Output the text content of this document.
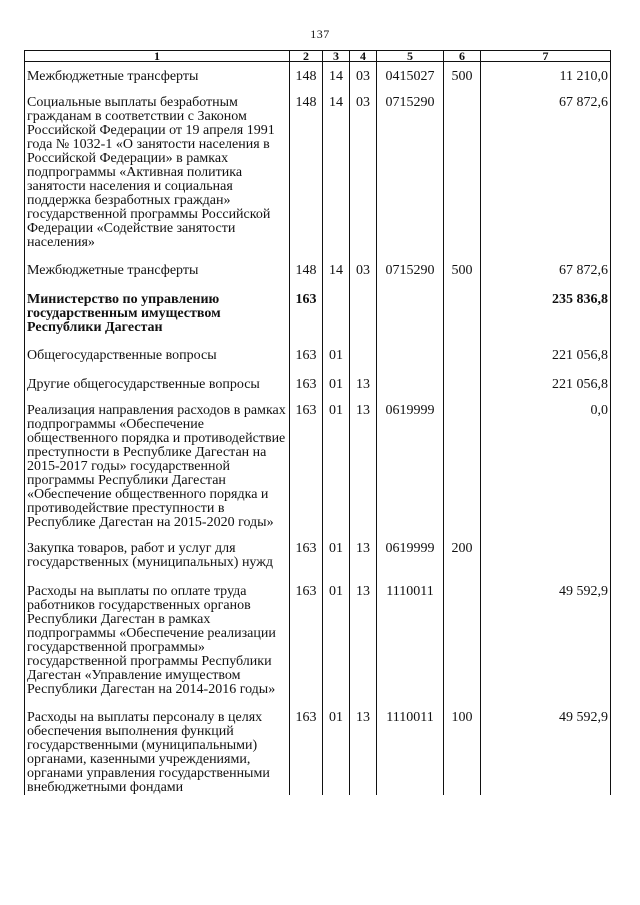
137
1	2	3	4	5	6	7

Межбюджетные трансферты	148	14	03	0415027	500	11 210,0

Социальные выплаты безработным гражданам в соответствии с Законом Российской Федерации от 19 апреля 1991 года № 1032-1 «О занятости населения в Российской Федерации» в рамках подпрограммы «Активная политика занятости населения и социальная поддержка безработных граждан» государственной программы Российской Федерации «Содействие занятости населения»	148	14	03	0715290		67 872,6

Межбюджетные трансферты	148	14	03	0715290	500	67 872,6

Министерство по управлению государственным имуществом Республики Дагестан	163					235 836,8

Общегосударственные вопросы	163	01				221 056,8

Другие общегосударственные вопросы	163	01	13			221 056,8

Реализация направления расходов в рамках подпрограммы «Обеспечение общественного порядка и противодействие преступности в Республике Дагестан на 2015-2017 годы» государственной программы Республики Дагестан «Обеспечение общественного порядка и противодействие преступности в Республике Дагестан на 2015-2020 годы»	163	01	13	0619999		0,0

Закупка товаров, работ и услуг для государственных (муниципальных) нужд	163	01	13	0619999	200	

Расходы на выплаты по оплате труда работников государственных органов Республики Дагестан в рамках подпрограммы «Обеспечение реализации государственной программы» государственной программы Республики Дагестан «Управление имуществом Республики Дагестан на 2014-2016 годы»	163	01	13	1110011		49 592,9

Расходы на выплаты персоналу в целях обеспечения выполнения функций государственными (муниципальными) органами, казенными учреждениями, органами управления государственными внебюджетными фондами	163	01	13	1110011	100	49 592,9
